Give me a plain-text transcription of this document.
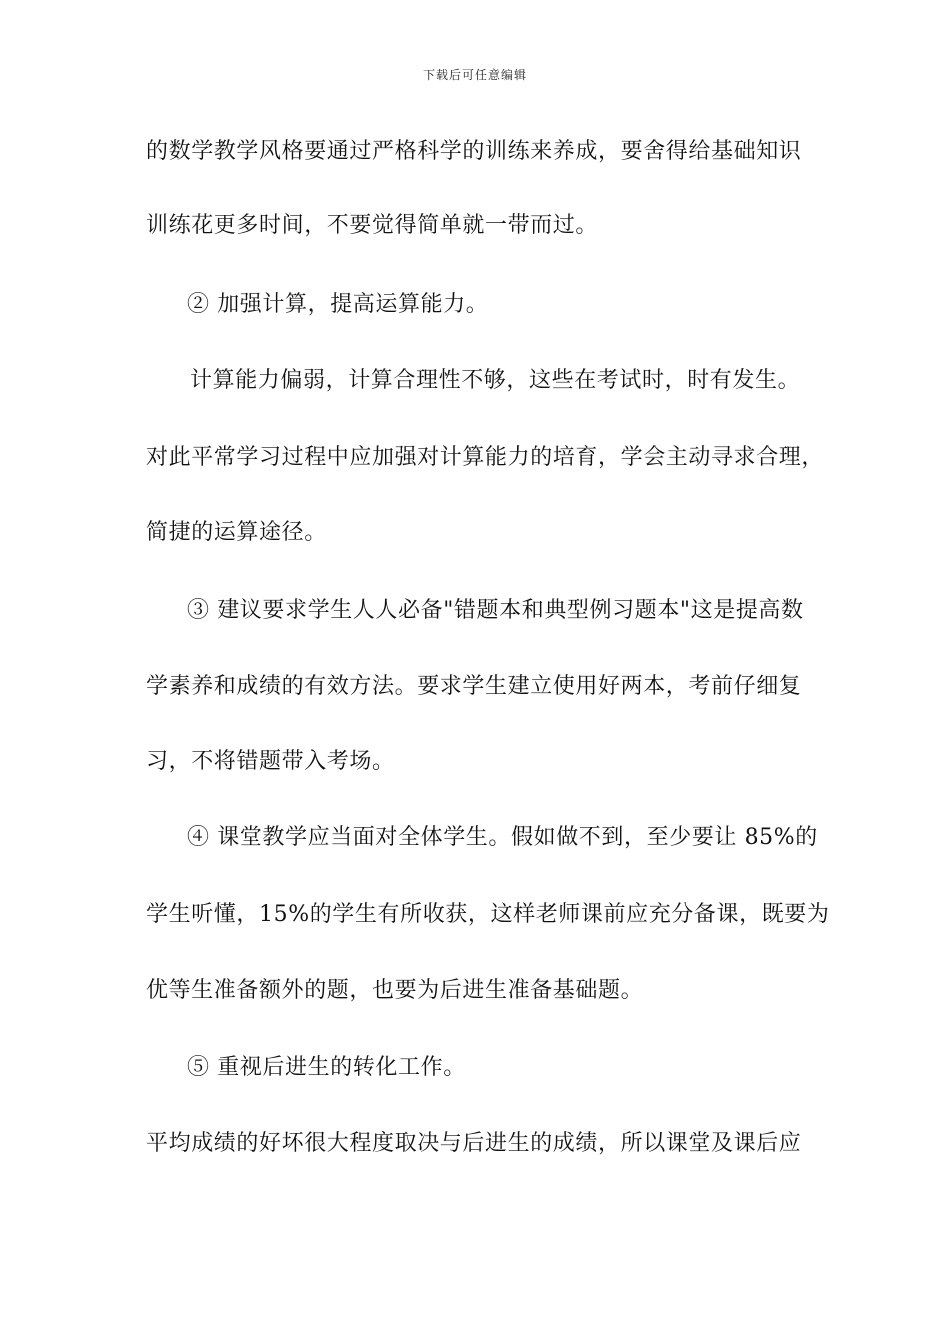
下载后可任意编辑
的数学教学风格要通过严格科学的训练来养成，要舍得给基础知识
训练花更多时间，不要觉得简单就一带而过。
② 加强计算，提高运算能力。
计算能力偏弱，计算合理性不够，这些在考试时，时有发生。
对此平常学习过程中应加强对计算能力的培育，学会主动寻求合理，
简捷的运算途径。
③ 建议要求学生人人必备"错题本和典型例习题本"这是提高数
学素养和成绩的有效方法。要求学生建立使用好两本，考前仔细复
习，不将错题带入考场。
④ 课堂教学应当面对全体学生。假如做不到，至少要让 85%的
学生听懂，15%的学生有所收获，这样老师课前应充分备课，既要为
优等生准备额外的题，也要为后进生准备基础题。
⑤ 重视后进生的转化工作。
平均成绩的好坏很大程度取决与后进生的成绩，所以课堂及课后应
